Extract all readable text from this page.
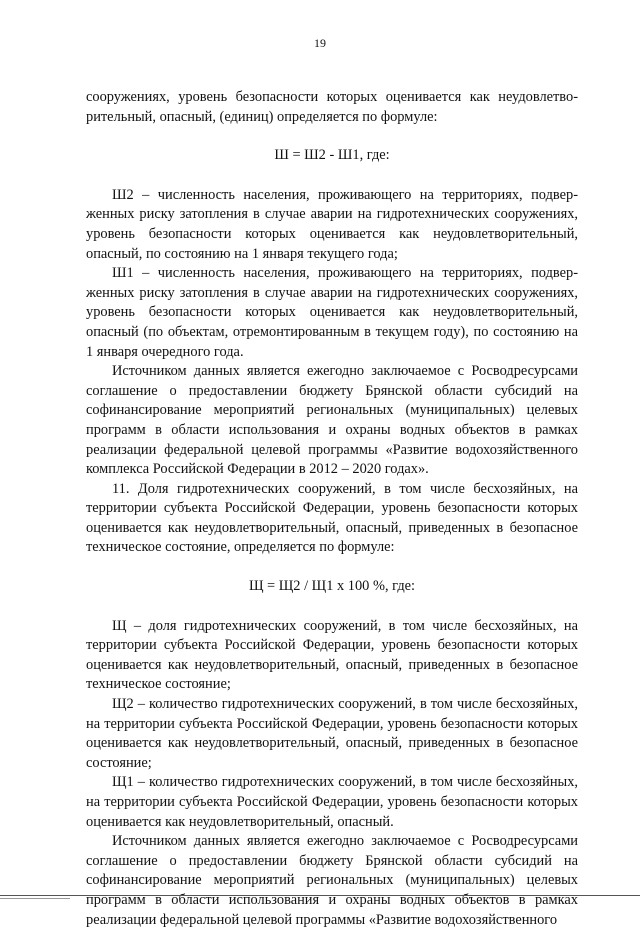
19

сооружениях, уровень безопасности которых оценивается как неудовлетворительный, опасный, (единиц) определяется по формуле:

Ш = Ш2 - Ш1, где:

Ш2 – численность населения, проживающего на территориях, подверженных риску затопления в случае аварии на гидротехнических сооружениях, уровень безопасности которых оценивается как неудовлетворительный, опасный, по состоянию на 1 января текущего года;

Ш1 – численность населения, проживающего на территориях, подверженных риску затопления в случае аварии на гидротехнических сооружениях, уровень безопасности которых оценивается как неудовлетворительный, опасный (по объектам, отремонтированным в текущем году), по состоянию на 1 января очередного года.

Источником данных является ежегодно заключаемое с Росводресурсами соглашение о предоставлении бюджету Брянской области субсидий на софинансирование мероприятий региональных (муниципальных) целевых программ в области использования и охраны водных объектов в рамках реализации федеральной целевой программы «Развитие водохозяйственного комплекса Российской Федерации в 2012 – 2020 годах».

11. Доля гидротехнических сооружений, в том числе бесхозяйных, на территории субъекта Российской Федерации, уровень безопасности которых оценивается как неудовлетворительный, опасный, приведенных в безопасное техническое состояние, определяется по формуле:

Щ = Щ2 / Щ1 х 100 %, где:

Щ – доля гидротехнических сооружений, в том числе бесхозяйных, на территории субъекта Российской Федерации, уровень безопасности которых оценивается как неудовлетворительный, опасный, приведенных в безопасное техническое состояние;

Щ2 – количество гидротехнических сооружений, в том числе бесхозяйных, на территории субъекта Российской Федерации, уровень безопасности которых оценивается как неудовлетворительный, опасный, приведенных в безопасное состояние;

Щ1 – количество гидротехнических сооружений, в том числе бесхозяйных, на территории субъекта Российской Федерации, уровень безопасности которых оценивается как неудовлетворительный, опасный.

Источником данных является ежегодно заключаемое с Росводресурсами соглашение о предоставлении бюджету Брянской области субсидий на софинансирование мероприятий региональных (муниципальных) целевых программ в области использования и охраны водных объектов в рамках реализации федеральной целевой программы «Развитие водохозяйственного
